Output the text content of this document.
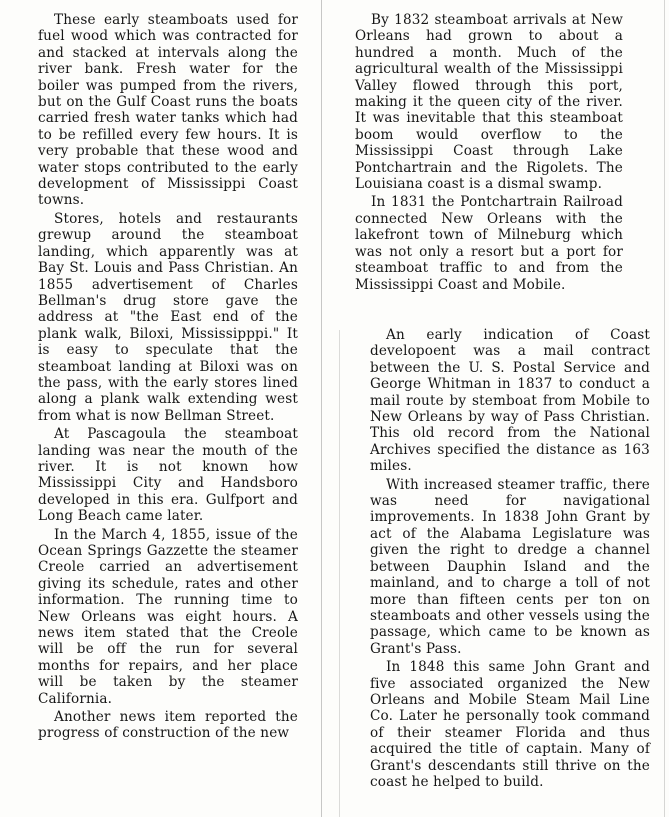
These early steamboats used for fuel wood which was contracted for and stacked at intervals along the river bank. Fresh water for the boiler was pumped from the rivers, but on the Gulf Coast runs the boats carried fresh water tanks which had to be refilled every few hours. It is very probable that these wood and water stops contributed to the early development of Mississippi Coast towns.

Stores, hotels and restaurants grewup around the steamboat landing, which apparently was at Bay St. Louis and Pass Christian. An 1855 advertisement of Charles Bellman's drug store gave the address at "the East end of the plank walk, Biloxi, Mississipppi." It is easy to speculate that the steamboat landing at Biloxi was on the pass, with the early stores lined along a plank walk extending west from what is now Bellman Street.

At Pascagoula the steamboat landing was near the mouth of the river. It is not known how Mississippi City and Handsboro developed in this era. Gulfport and Long Beach came later.

In the March 4, 1855, issue of the Ocean Springs Gazzette the steamer Creole carried an advertisement giving its schedule, rates and other information. The running time to New Orleans was eight hours. A news item stated that the Creole will be off the run for several months for repairs, and her place will be taken by the steamer California.

Another news item reported the progress of construction of the new

By 1832 steamboat arrivals at New Orleans had grown to about a hundred a month. Much of the agricultural wealth of the Mississippi Valley flowed through this port, making it the queen city of the river. It was inevitable that this steamboat boom would overflow to the Mississippi Coast through Lake Pontchartrain and the Rigolets. The Louisiana coast is a dismal swamp.

In 1831 the Pontchartrain Railroad connected New Orleans with the lakefront town of Milneburg which was not only a resort but a port for steamboat traffic to and from the Mississippi Coast and Mobile.

An early indication of Coast developoent was a mail contract between the U. S. Postal Service and George Whitman in 1837 to conduct a mail route by stemboat from Mobile to New Orleans by way of Pass Christian. This old record from the National Archives specified the distance as 163 miles.

With increased steamer traffic, there was need for navigational improvements. In 1838 John Grant by act of the Alabama Legislature was given the right to dredge a channel between Dauphin Island and the mainland, and to charge a toll of not more than fifteen cents per ton on steamboats and other vessels using the passage, which came to be known as Grant's Pass.

In 1848 this same John Grant and five associated organized the New Orleans and Mobile Steam Mail Line Co. Later he personally took command of their steamer Florida and thus acquired the title of captain. Many of Grant's descendants still thrive on the coast he helped to build.
